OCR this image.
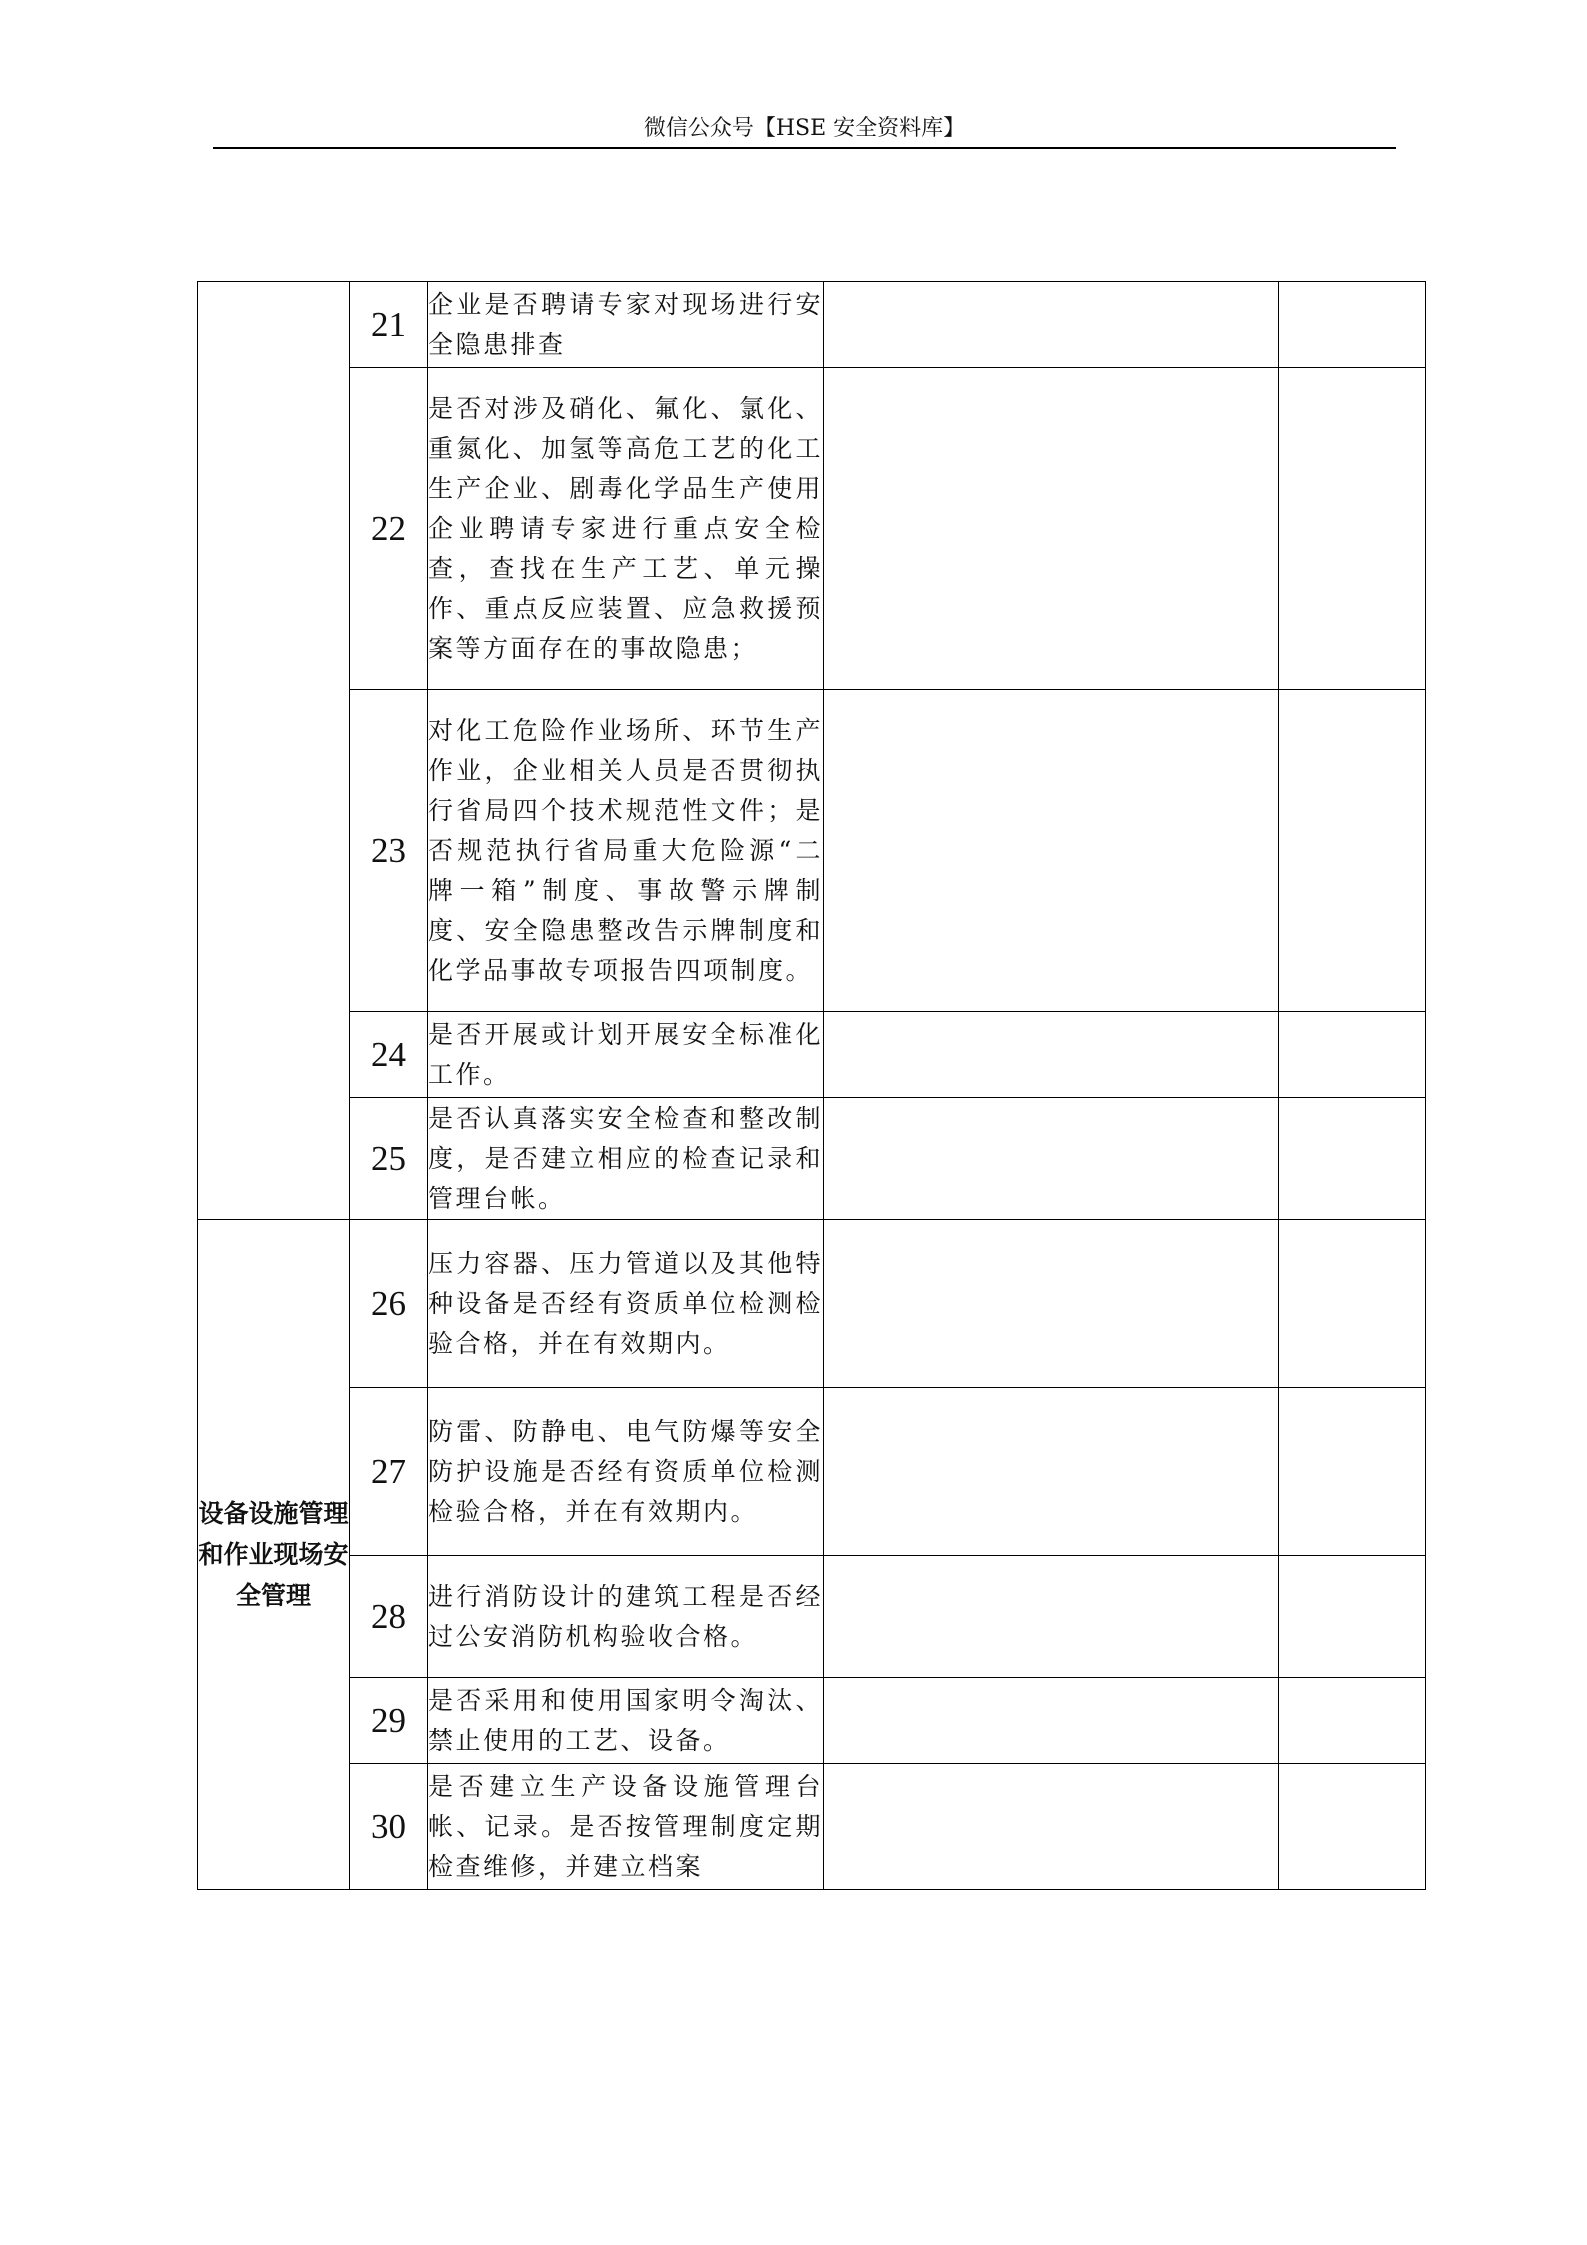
微信公众号【HSE 安全资料库】
	21	企业是否聘请专家对现场进行安全隐患排查		
	22	是否对涉及硝化、氟化、氯化、重氮化、加氢等高危工艺的化工生产企业、剧毒化学品生产使用企业聘请专家进行重点安全检查，查找在生产工艺、单元操作、重点反应装置、应急救援预案等方面存在的事故隐患；		
	23	对化工危险作业场所、环节生产作业，企业相关人员是否贯彻执行省局四个技术规范性文件；是否规范执行省局重大危险源“二牌一箱”制度、事故警示牌制度、安全隐患整改告示牌制度和化学品事故专项报告四项制度。		
	24	是否开展或计划开展安全标准化工作。		
	25	是否认真落实安全检查和整改制度，是否建立相应的检查记录和管理台帐。		
设备设施管理和作业现场安全管理	26	压力容器、压力管道以及其他特种设备是否经有资质单位检测检验合格，并在有效期内。		
	27	防雷、防静电、电气防爆等安全防护设施是否经有资质单位检测检验合格，并在有效期内。		
	28	进行消防设计的建筑工程是否经过公安消防机构验收合格。		
	29	是否采用和使用国家明令淘汰、禁止使用的工艺、设备。		
	30	是否建立生产设备设施管理台帐、记录。是否按管理制度定期检查维修，并建立档案		
